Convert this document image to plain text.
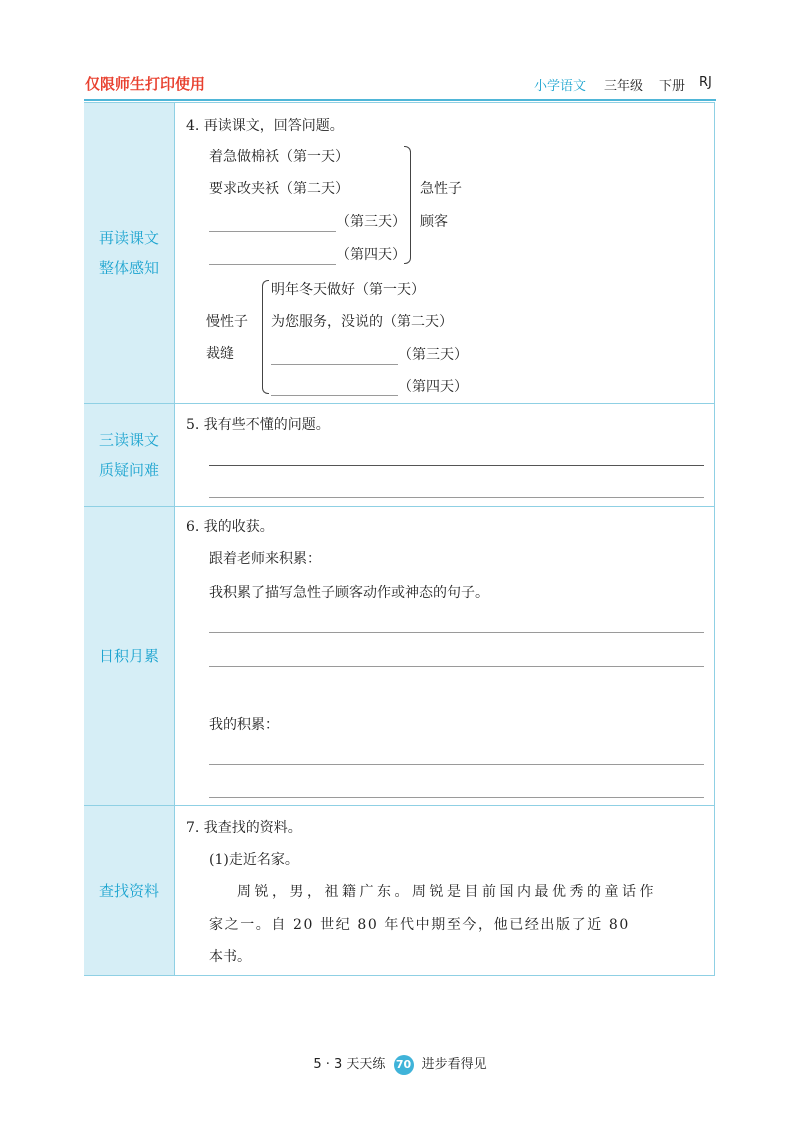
仅限师生打印使用	小学语文 三年级 下册 RJ
再读课文
整体感知
三读课文
质疑问难
日积月累
查找资料
4. 再读课文，回答问题。
着急做棉袄（第一天）
要求改夹袄（第二天）
（第三天）
（第四天）
急性子
顾客
慢性子
裁缝
明年冬天做好（第一天）
为您服务，没说的（第二天）
（第三天）
（第四天）
5. 我有些不懂的问题。
6. 我的收获。
跟着老师来积累：
我积累了描写急性子顾客动作或神态的句子。
我的积累：
7. 我查找的资料。
(1)走近名家。
周锐，男，祖籍广东。周锐是目前国内最优秀的童话作
家之一。自 20 世纪 80 年代中期至今，他已经出版了近 80
本书。
5 · 3 天天练 70 进步看得见
